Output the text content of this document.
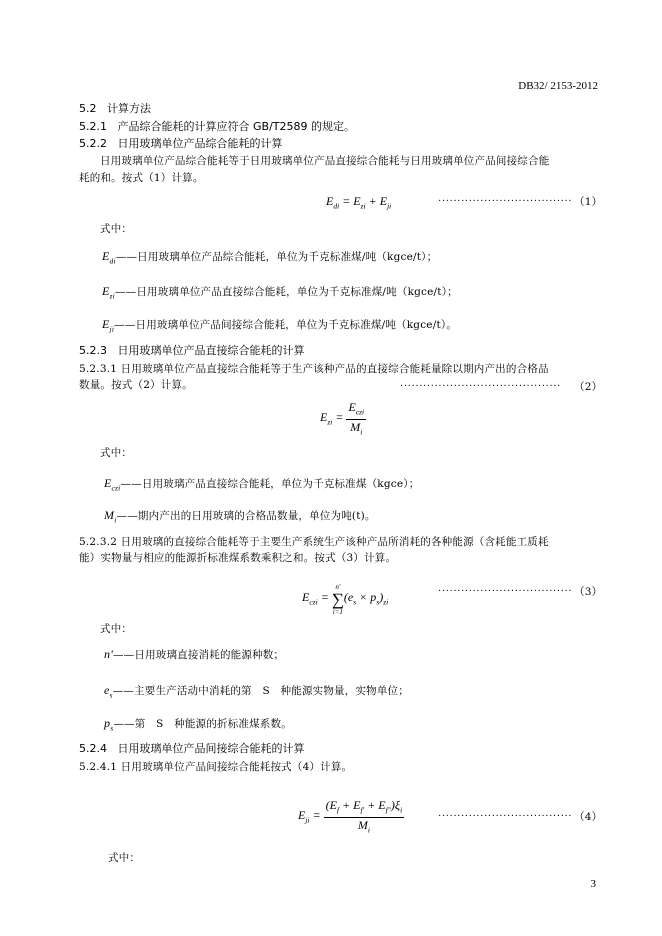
DB32/ 2153-2012
5.2 计算方法
5.2.1 产品综合能耗的计算应符合 GB/T2589 的规定。
5.2.2 日用玻璃单位产品综合能耗的计算
日用玻璃单位产品综合能耗等于日用玻璃单位产品直接综合能耗与日用玻璃单位产品间接综合能
耗的和。按式（1）计算。
$E_{di} = E_{zi} + E_{ji}$	··································· （1）
式中：
$E_{di}——$日用玻璃单位产品综合能耗，单位为千克标准煤/吨（kgce/t）；
$E_{zi}——$日用玻璃单位产品直接综合能耗，单位为千克标准煤/吨（kgce/t）；
$E_{ji}——$日用玻璃单位产品间接综合能耗，单位为千克标准煤/吨（kgce/t）。
5.2.3 日用玻璃单位产品直接综合能耗的计算
5.2.3.1 日用玻璃单位产品直接综合能耗等于生产该种产品的直接综合能耗量除以期内产出的合格品
数量。按式（2）计算。
$E_{zi} = \frac{E_{czi}}{M_i}$
·········································· （2）
式中：
$E_{czi}——$日用玻璃产品直接综合能耗，单位为千克标准煤（kgce）；
$M_i——$期内产出的日用玻璃的合格品数量，单位为吨(t)。
5.2.3.2 日用玻璃的直接综合能耗等于主要生产系统生产该种产品所消耗的各种能源（含耗能工质耗
能）实物量与相应的能源折标准煤系数乘积之和。按式（3）计算。
$E_{czi}$ =
n'
∑
i=1
$(e_s \times p_s)_{zi}$
··································· （3）
式中：
n'——日用玻璃直接消耗的能源种数；
$e_s——$主要生产活动中消耗的第　S　种能源实物量，实物单位；
$p_s——$第　S　种能源的折标准煤系数。
5.2.4 日用玻璃单位产品间接综合能耗的计算
5.2.4.1 日用玻璃单位产品间接综合能耗按式（4）计算。
$E_{ji} = \frac{(E_f + E_{f'} + E_{f''})\xi_i}{M_i}$	··································· （4）
式中：
3
